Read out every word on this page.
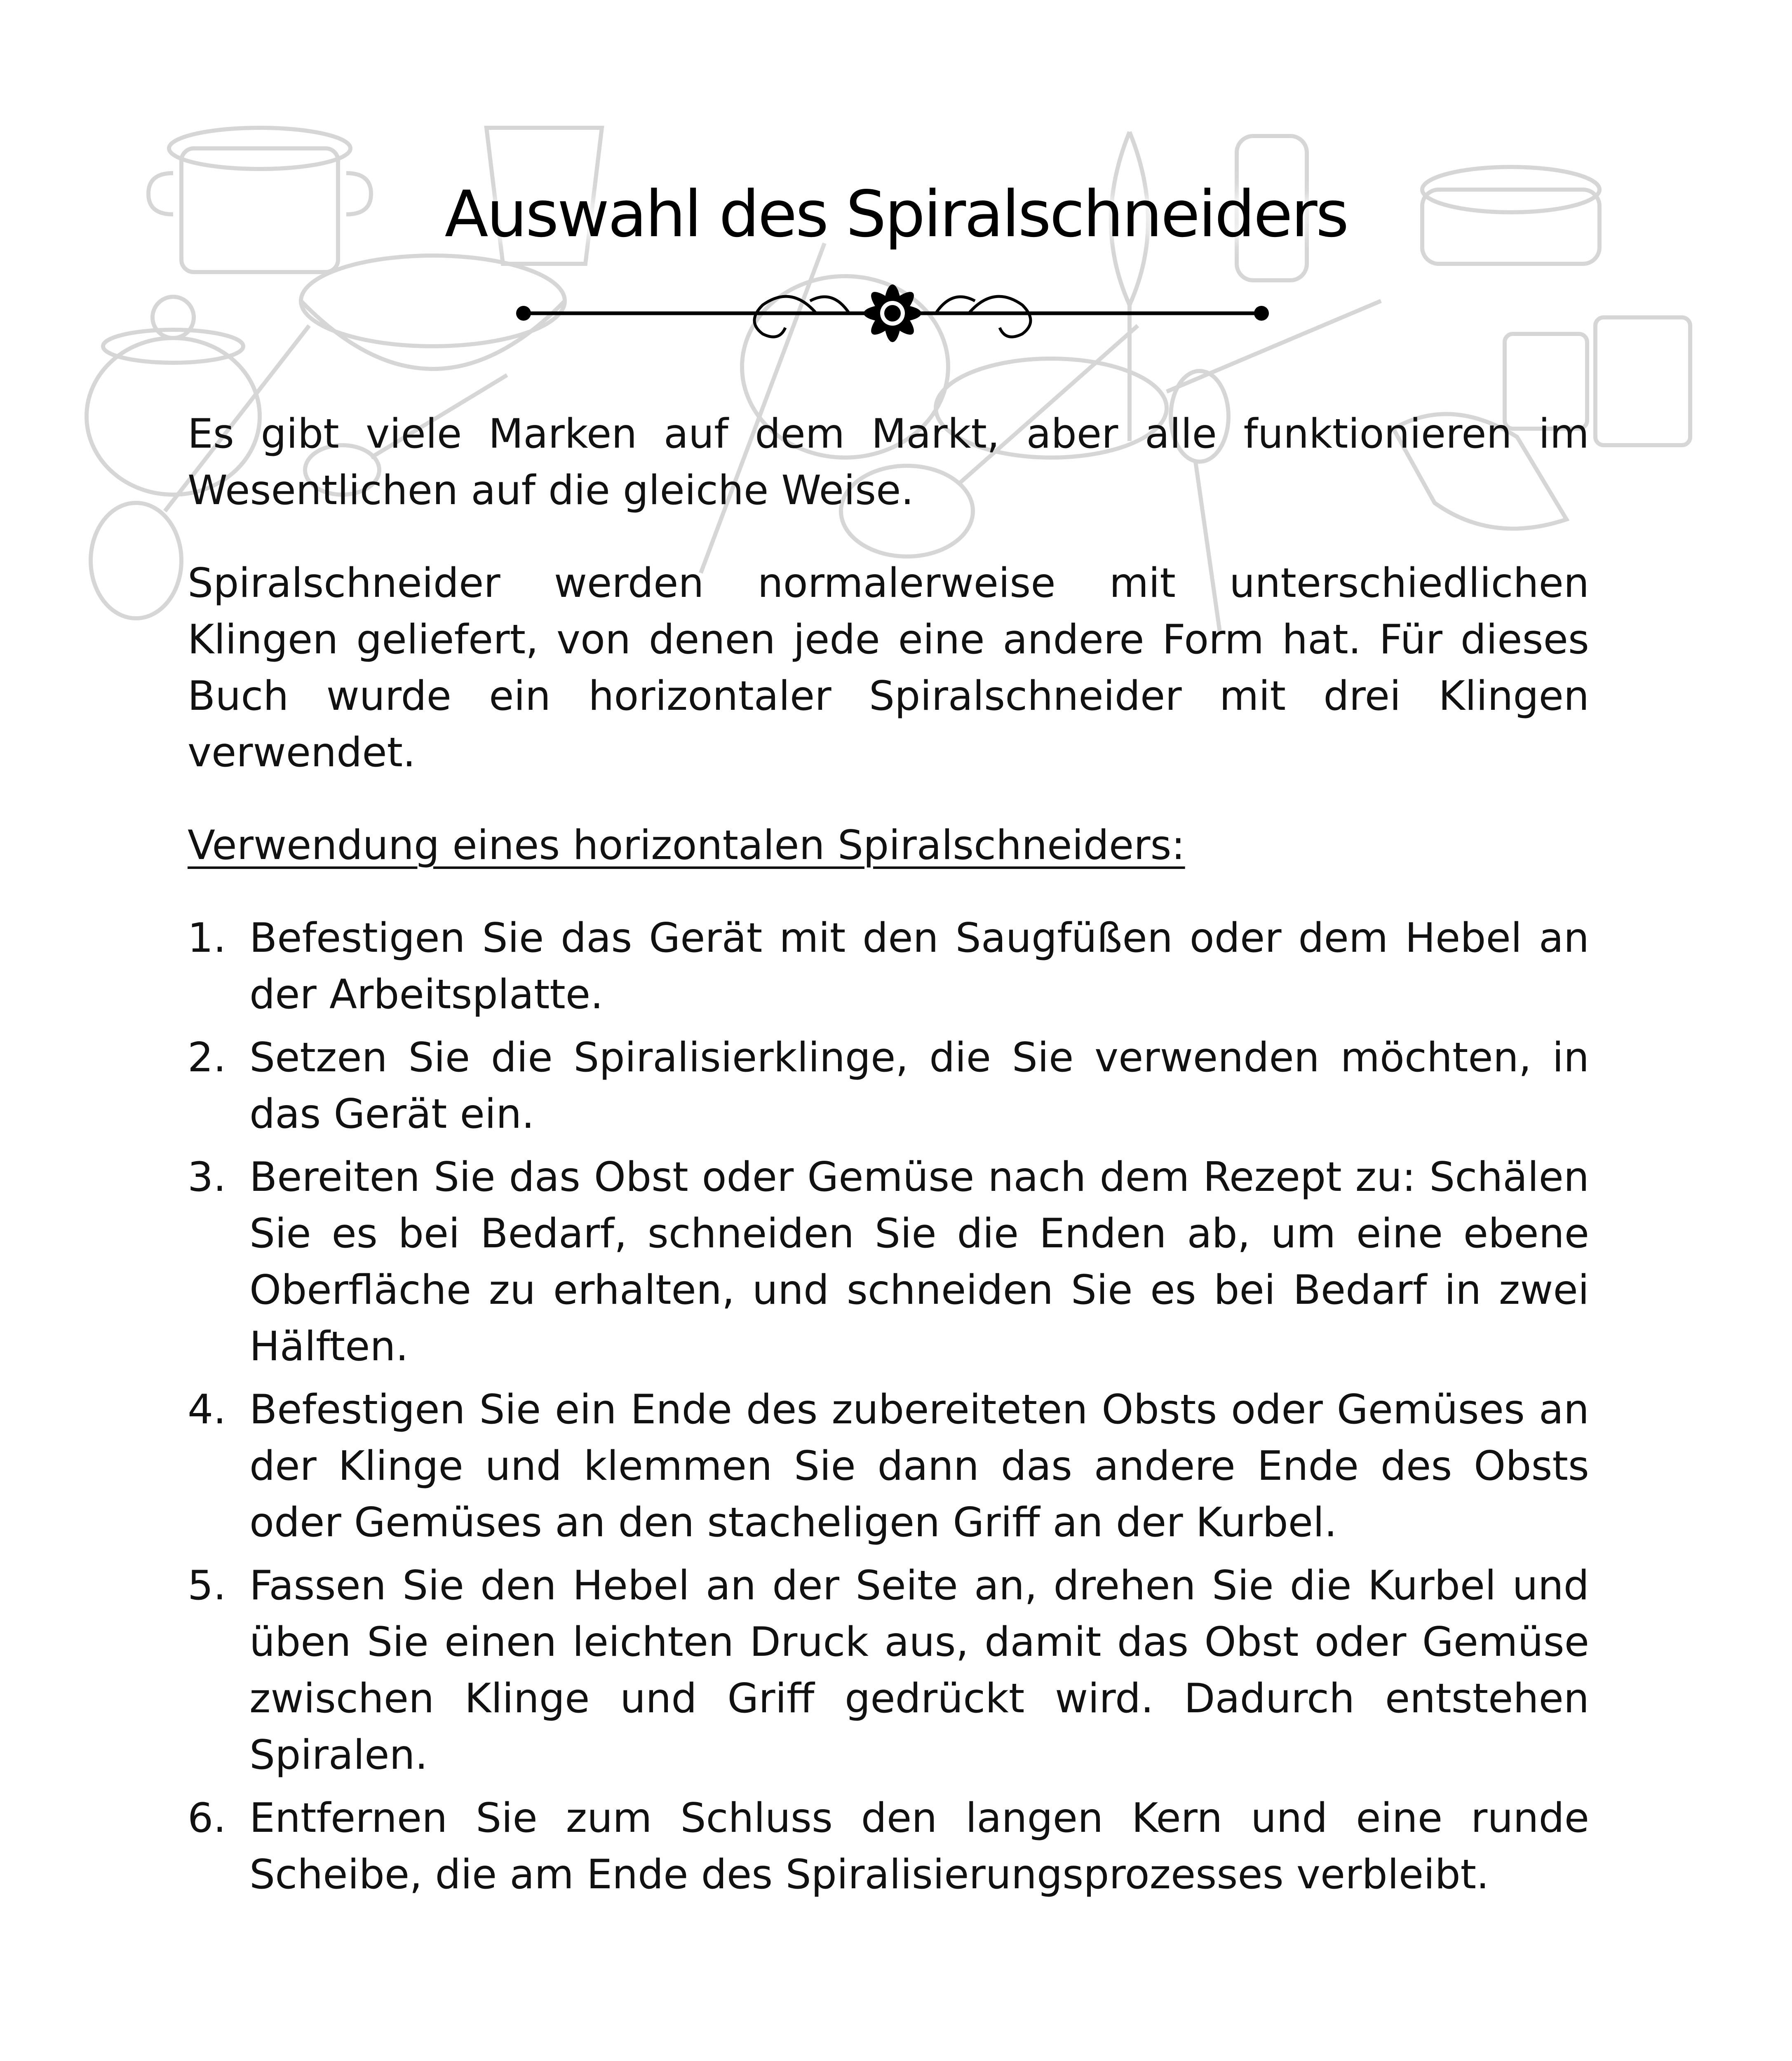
Auswahl des Spiralschneiders

Es gibt viele Marken auf dem Markt, aber alle funktionieren im Wesentlichen auf die gleiche Weise.

Spiralschneider werden normalerweise mit unterschiedlichen Klingen geliefert, von denen jede eine andere Form hat. Für dieses Buch wurde ein horizontaler Spiralschneider mit drei Klingen verwendet.

Verwendung eines horizontalen Spiralschneiders:

1. Befestigen Sie das Gerät mit den Saugfüßen oder dem Hebel an der Arbeitsplatte.
2. Setzen Sie die Spiralisierklinge, die Sie verwenden möchten, in das Gerät ein.
3. Bereiten Sie das Obst oder Gemüse nach dem Rezept zu: Schälen Sie es bei Bedarf, schneiden Sie die Enden ab, um eine ebene Oberfläche zu erhalten, und schneiden Sie es bei Bedarf in zwei Hälften.
4. Befestigen Sie ein Ende des zubereiteten Obsts oder Gemüses an der Klinge und klemmen Sie dann das andere Ende des Obsts oder Gemüses an den stacheligen Griff an der Kurbel.
5. Fassen Sie den Hebel an der Seite an, drehen Sie die Kurbel und üben Sie einen leichten Druck aus, damit das Obst oder Gemüse zwischen Klinge und Griff gedrückt wird. Dadurch entstehen Spiralen.
6. Entfernen Sie zum Schluss den langen Kern und eine runde Scheibe, die am Ende des Spiralisierungsprozesses verbleibt.
